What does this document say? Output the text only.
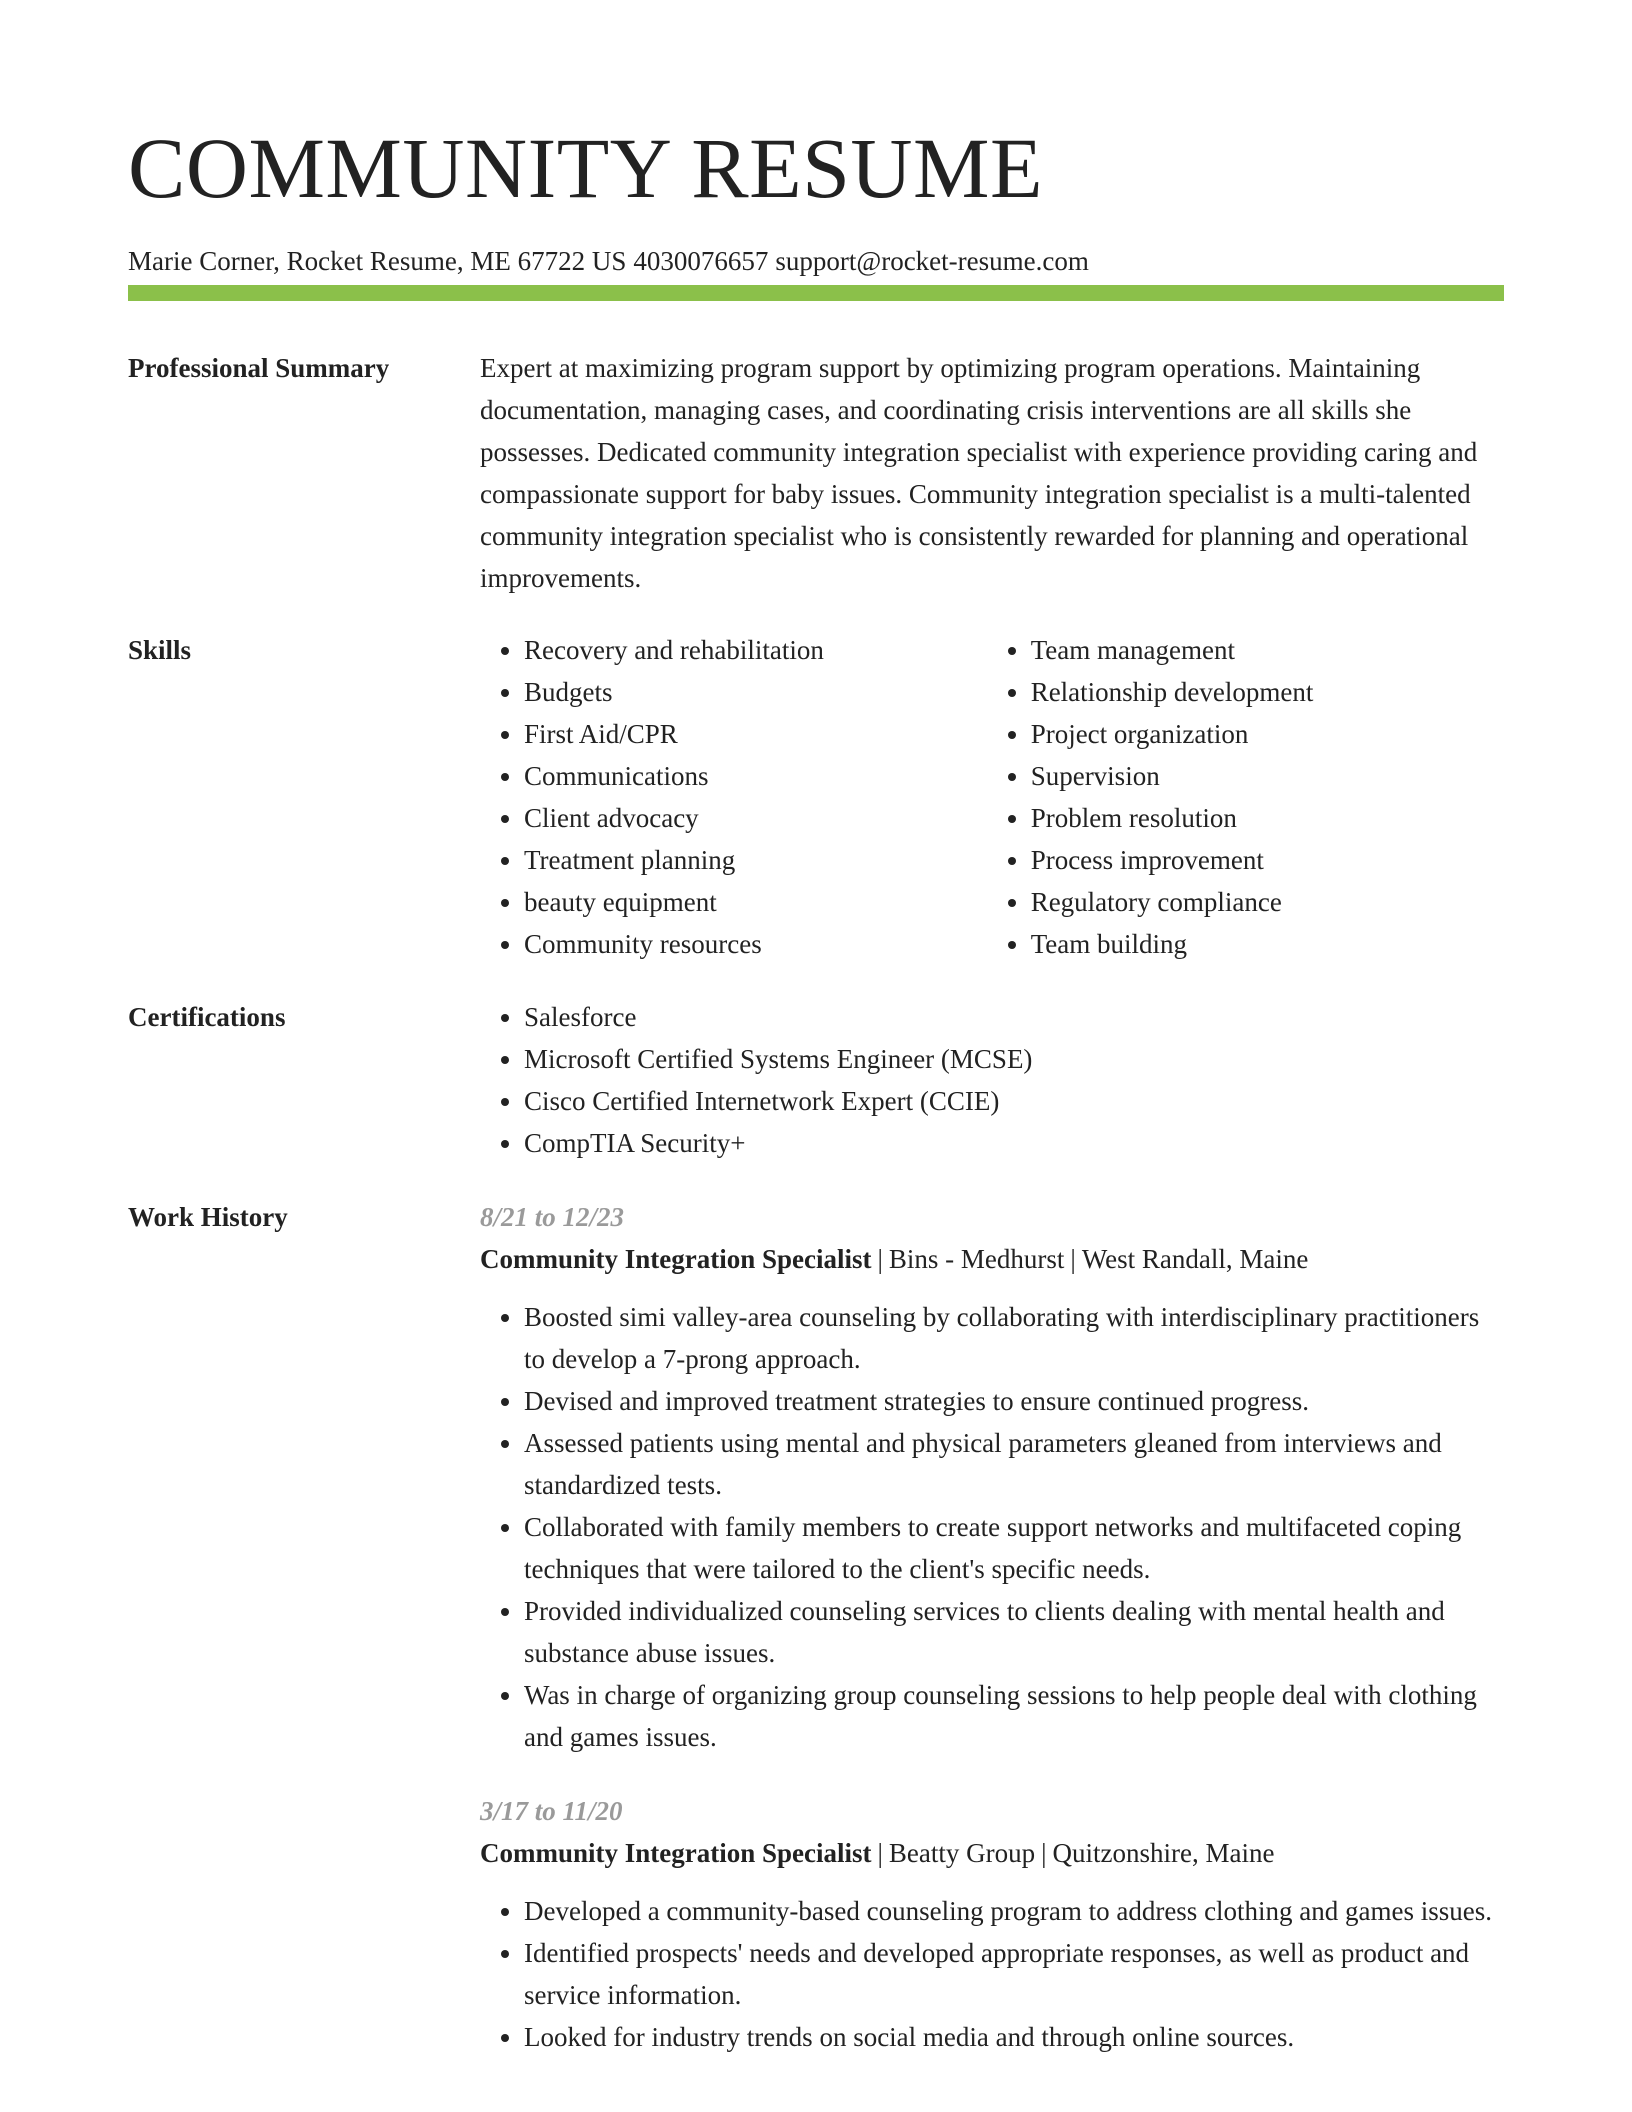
COMMUNITY RESUME
Marie Corner, Rocket Resume, ME 67722 US 4030076657 support@rocket-resume.com
Professional Summary	Expert at maximizing program support by optimizing program operations. Maintaining documentation, managing cases, and coordinating crisis interventions are all skills she possesses. Dedicated community integration specialist with experience providing caring and compassionate support for baby issues. Community integration specialist is a multi-talented community integration specialist who is consistently rewarded for planning and operational improvements.

Skills	• Recovery and rehabilitation
• Budgets
• First Aid/CPR
• Communications
• Client advocacy
• Treatment planning
• beauty equipment
• Community resources
• Team management
• Relationship development
• Project organization
• Supervision
• Problem resolution
• Process improvement
• Regulatory compliance
• Team building
Certifications	• Salesforce
• Microsoft Certified Systems Engineer (MCSE)
• Cisco Certified Internetwork Expert (CCIE)
• CompTIA Security+
Work History	8/21 to 12/23
Community Integration Specialist | Bins - Medhurst | West Randall, Maine
• Boosted simi valley-area counseling by collaborating with interdisciplinary practitioners to develop a 7-prong approach.
• Devised and improved treatment strategies to ensure continued progress.
• Assessed patients using mental and physical parameters gleaned from interviews and standardized tests.
• Collaborated with family members to create support networks and multifaceted coping techniques that were tailored to the client's specific needs.
• Provided individualized counseling services to clients dealing with mental health and substance abuse issues.
• Was in charge of organizing group counseling sessions to help people deal with clothing and games issues.
3/17 to 11/20
Community Integration Specialist | Beatty Group | Quitzonshire, Maine
• Developed a community-based counseling program to address clothing and games issues.
• Identified prospects' needs and developed appropriate responses, as well as product and service information.
• Looked for industry trends on social media and through online sources.
